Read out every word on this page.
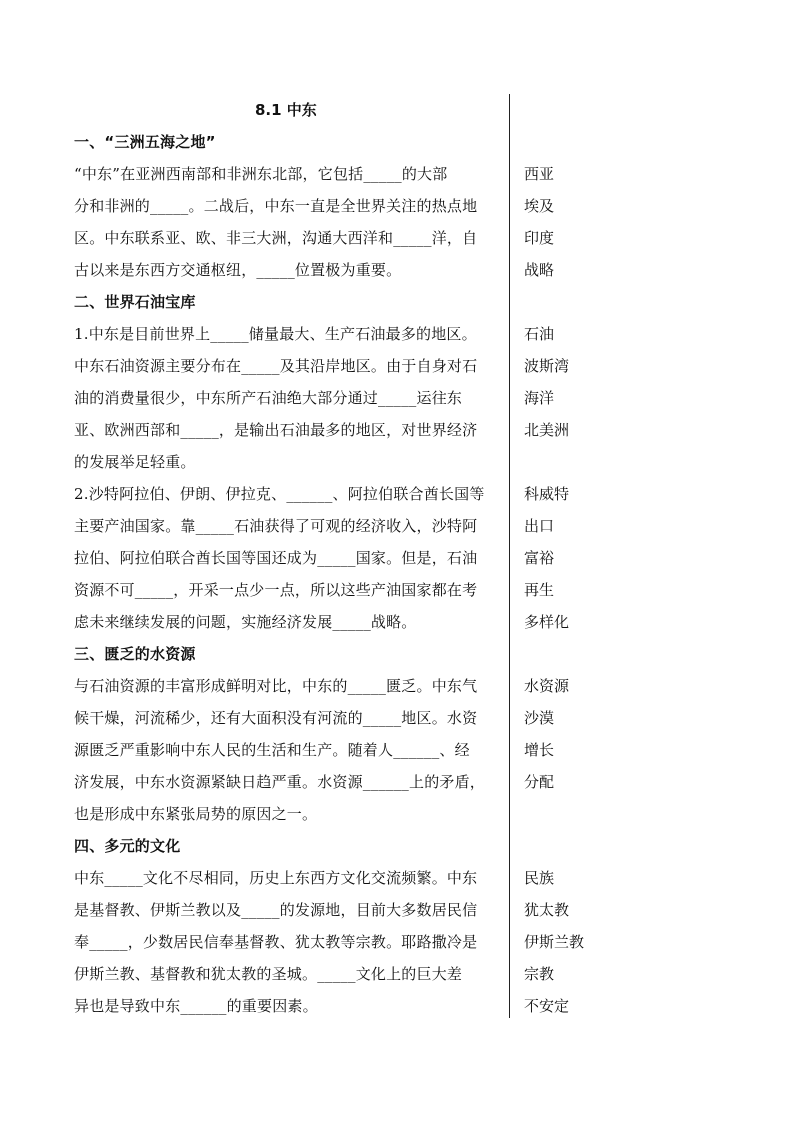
8.1 中东
一、“三洲五海之地”
“中东”在亚洲西南部和非洲东北部，它包括_____的大部
分和非洲的_____。二战后，中东一直是全世界关注的热点地
区。中东联系亚、欧、非三大洲，沟通大西洋和_____洋，自
古以来是东西方交通枢纽，_____位置极为重要。
二、世界石油宝库
1.中东是目前世界上_____储量最大、生产石油最多的地区。
中东石油资源主要分布在_____及其沿岸地区。由于自身对石
油的消费量很少，中东所产石油绝大部分通过_____运往东
亚、欧洲西部和_____，是输出石油最多的地区，对世界经济
的发展举足轻重。
2.沙特阿拉伯、伊朗、伊拉克、______、阿拉伯联合酋长国等
主要产油国家。靠_____石油获得了可观的经济收入，沙特阿
拉伯、阿拉伯联合酋长国等国还成为_____国家。但是，石油
资源不可_____，开采一点少一点，所以这些产油国家都在考
虑未来继续发展的问题，实施经济发展_____战略。
三、匮乏的水资源
与石油资源的丰富形成鲜明对比，中东的_____匮乏。中东气
候干燥，河流稀少，还有大面积没有河流的_____地区。水资
源匮乏严重影响中东人民的生活和生产。随着人______、经
济发展，中东水资源紧缺日趋严重。水资源______上的矛盾，
也是形成中东紧张局势的原因之一。
四、多元的文化
中东_____文化不尽相同，历史上东西方文化交流频繁。中东
是基督教、伊斯兰教以及_____的发源地，目前大多数居民信
奉_____，少数居民信奉基督教、犹太教等宗教。耶路撒冷是
伊斯兰教、基督教和犹太教的圣城。_____文化上的巨大差
异也是导致中东______的重要因素。
西亚
埃及
印度
战略
石油
波斯湾
海洋
北美洲
科威特
出口
富裕
再生
多样化
水资源
沙漠
增长
分配
民族
犹太教
伊斯兰教
宗教
不安定
